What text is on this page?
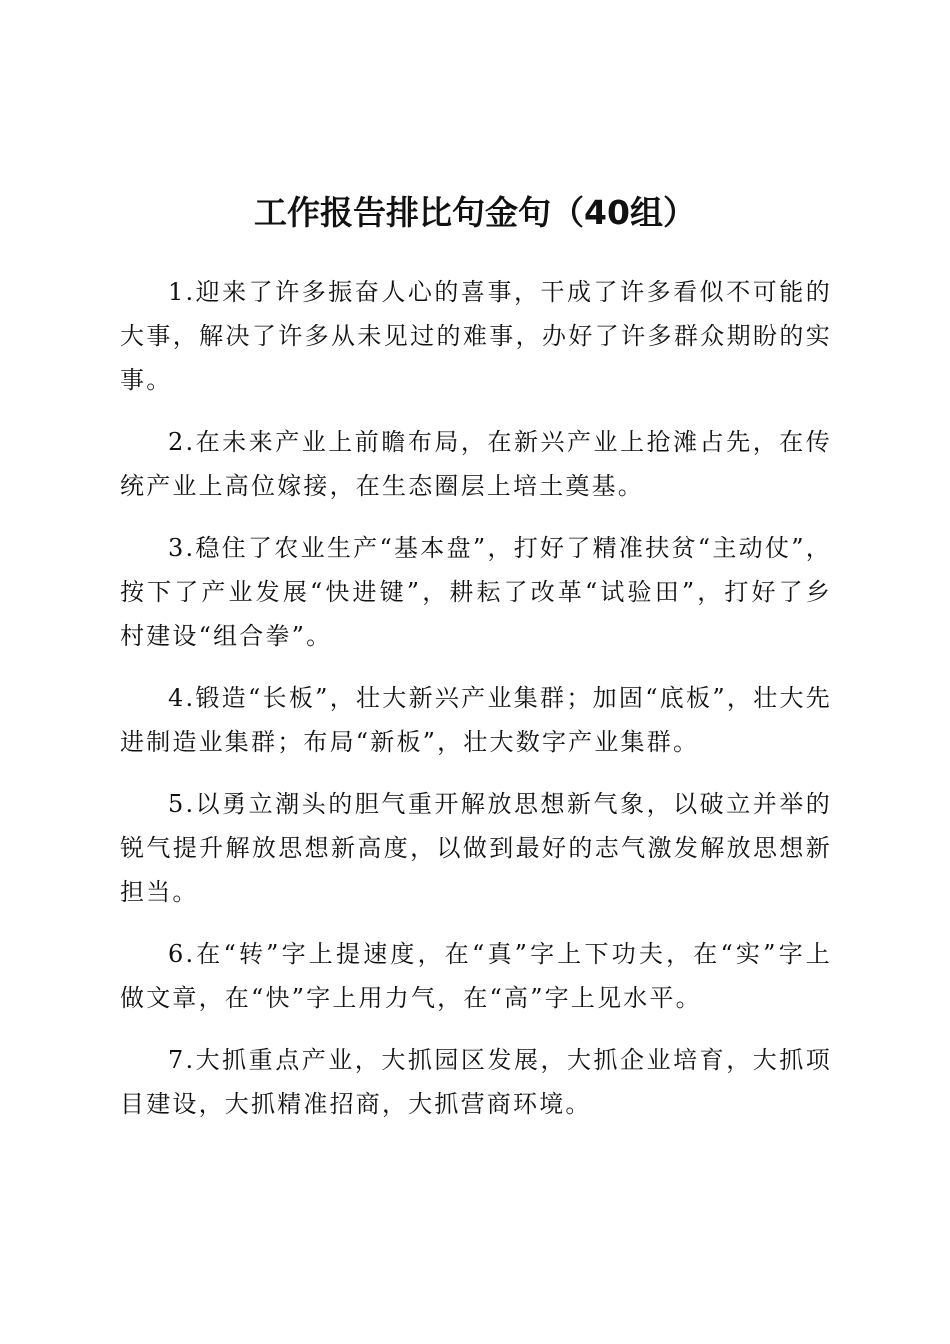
工作报告排比句金句（40组）

1.迎来了许多振奋人心的喜事，干成了许多看似不可能的大事，解决了许多从未见过的难事，办好了许多群众期盼的实事。

2.在未来产业上前瞻布局，在新兴产业上抢滩占先，在传统产业上高位嫁接，在生态圈层上培土奠基。

3.稳住了农业生产“基本盘”，打好了精准扶贫“主动仗”，按下了产业发展“快进键”，耕耘了改革“试验田”，打好了乡村建设“组合拳”。

4.锻造“长板”，壮大新兴产业集群；加固“底板”，壮大先进制造业集群；布局“新板”，壮大数字产业集群。

5.以勇立潮头的胆气重开解放思想新气象，以破立并举的锐气提升解放思想新高度，以做到最好的志气激发解放思想新担当。

6.在“转”字上提速度，在“真”字上下功夫，在“实”字上做文章，在“快”字上用力气，在“高”字上见水平。

7.大抓重点产业，大抓园区发展，大抓企业培育，大抓项目建设，大抓精准招商，大抓营商环境。
